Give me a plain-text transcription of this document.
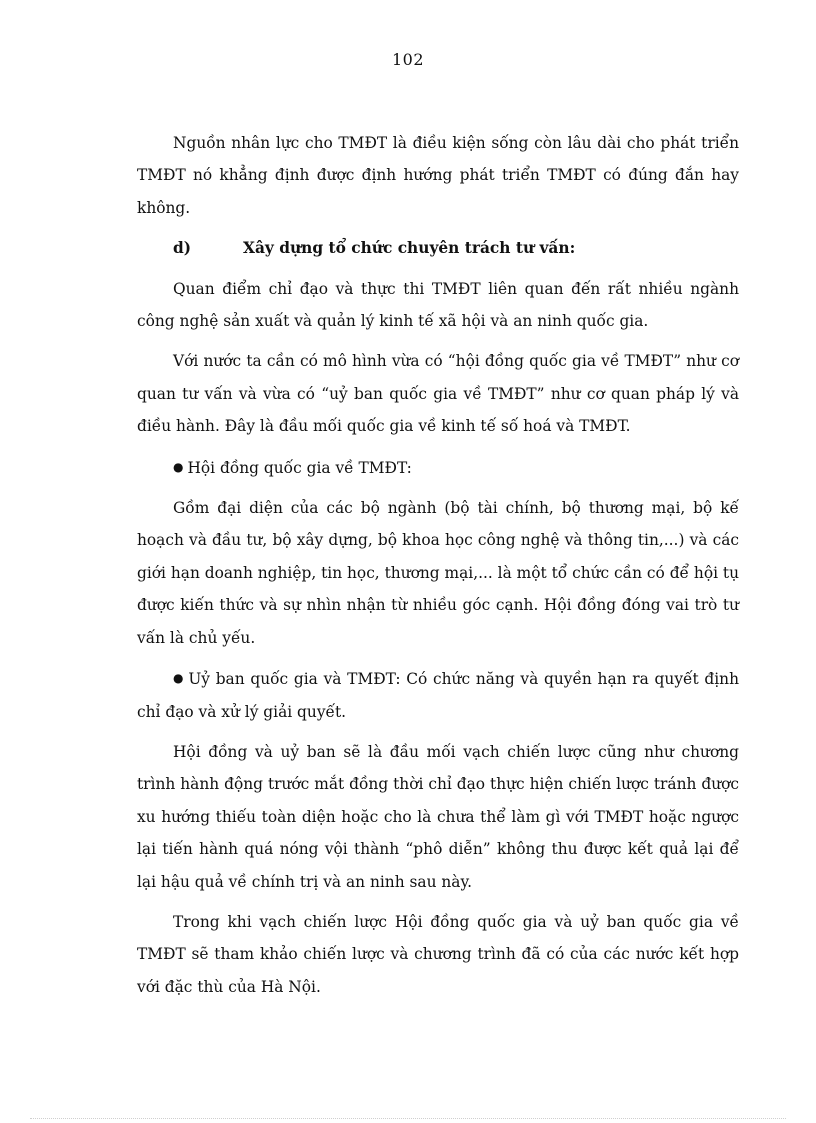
102

Nguồn nhân lực cho TMĐT là điều kiện sống còn lâu dài cho phát triển TMĐT nó khẳng định được định hướng phát triển TMĐT có đúng đắn hay không.

d)	Xây dựng tổ chức chuyên trách tư vấn:

Quan điểm chỉ đạo và thực thi TMĐT liên quan đến rất nhiều ngành công nghệ sản xuất và quản lý kinh tế xã hội và an ninh quốc gia.

Với nước ta cần có mô hình vừa có “hội đồng quốc gia về TMĐT” như cơ quan tư vấn và vừa có “uỷ ban quốc gia về TMĐT” như cơ quan pháp lý và điều hành. Đây là đầu mối quốc gia về kinh tế số hoá và TMĐT.

● Hội đồng quốc gia về TMĐT:

Gồm đại diện của các bộ ngành (bộ tài chính, bộ thương mại, bộ kế hoạch và đầu tư, bộ xây dựng, bộ khoa học công nghệ và thông tin,...) và các giới hạn doanh nghiệp, tin học, thương mại,... là một tổ chức cần có để hội tụ được kiến thức và sự nhìn nhận từ nhiều góc cạnh. Hội đồng đóng vai trò tư vấn là chủ yếu.

● Uỷ ban quốc gia và TMĐT: Có chức năng và quyền hạn ra quyết định chỉ đạo và xử lý giải quyết.

Hội đồng và uỷ ban sẽ là đầu mối vạch chiến lược cũng như chương trình hành động trước mắt đồng thời chỉ đạo thực hiện chiến lược tránh được xu hướng thiếu toàn diện hoặc cho là chưa thể làm gì với TMĐT hoặc ngược lại tiến hành quá nóng vội thành “phô diễn” không thu được kết quả lại để lại hậu quả về chính trị và an ninh sau này.

Trong khi vạch chiến lược Hội đồng quốc gia và uỷ ban quốc gia về TMĐT sẽ tham khảo chiến lược và chương trình đã có của các nước kết hợp với đặc thù của Hà Nội.
